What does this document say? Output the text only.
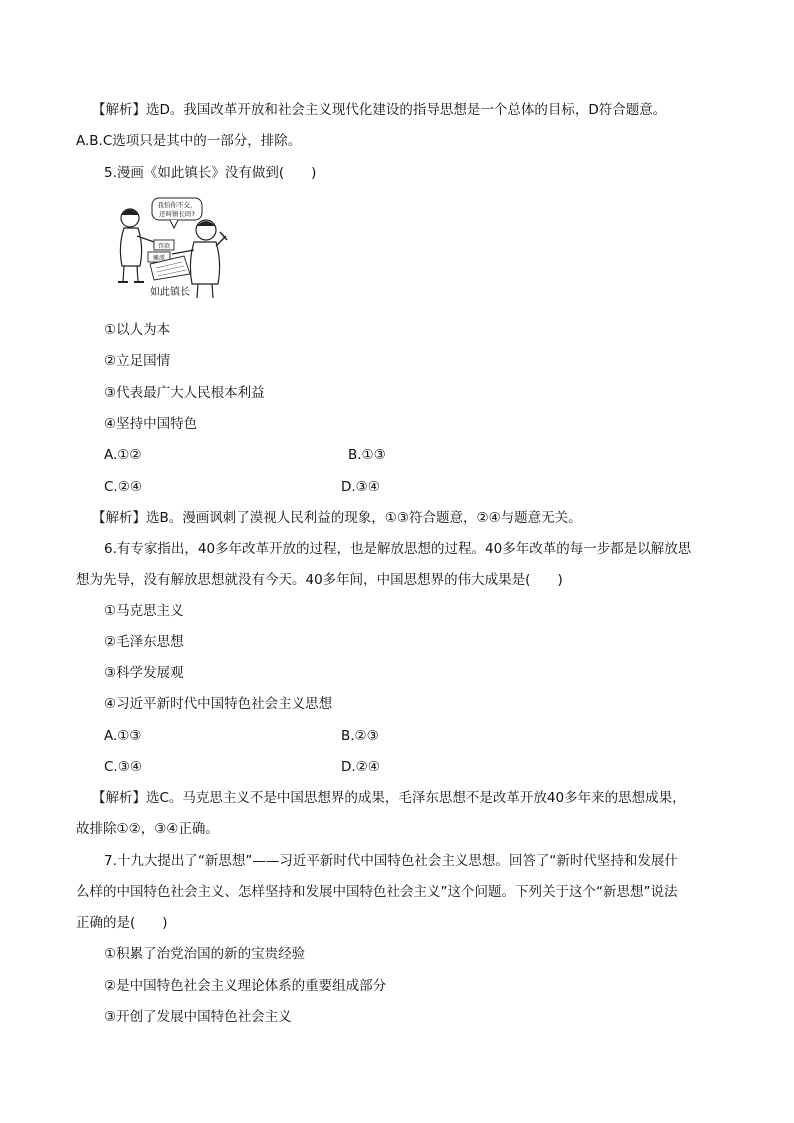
【解析】选D。我国改革开放和社会主义现代化建设的指导思想是一个总体的目标，D符合题意。
A.B.C选项只是其中的一部分，排除。
5.漫画《如此镇长》没有做到(　　)
我怕你不交，
还叫镇长吗?
罚款
摊派
如此镇长
①以人为本
②立足国情
③代表最广大人民根本利益
④坚持中国特色
A.①②	B.①③
C.②④	D.③④
【解析】选B。漫画讽刺了漠视人民利益的现象，①③符合题意，②④与题意无关。
6.有专家指出，40多年改革开放的过程，也是解放思想的过程。40多年改革的每一步都是以解放思
想为先导，没有解放思想就没有今天。40多年间，中国思想界的伟大成果是(　　)
①马克思主义
②毛泽东思想
③科学发展观
④习近平新时代中国特色社会主义思想
A.①③	B.②③
C.③④	D.②④
【解析】选C。马克思主义不是中国思想界的成果，毛泽东思想不是改革开放40多年来的思想成果，
故排除①②，③④正确。
7.十九大提出了“新思想”——习近平新时代中国特色社会主义思想。回答了“新时代坚持和发展什
么样的中国特色社会主义、怎样坚持和发展中国特色社会主义”这个问题。下列关于这个“新思想”说法
正确的是(　　)
①积累了治党治国的新的宝贵经验
②是中国特色社会主义理论体系的重要组成部分
③开创了发展中国特色社会主义
